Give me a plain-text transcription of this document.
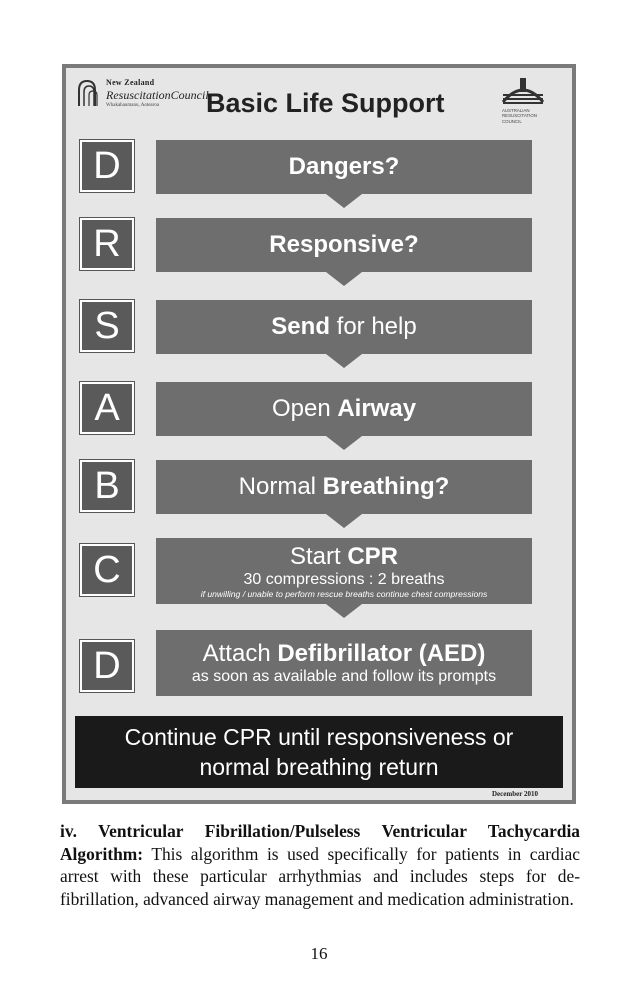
New Zealand
ResuscitationCouncil
Whakahaumanu, Aotearoa Basic Life Support	AUSTRALIAN
RESUSCITATION
COUNCIL
D	Dangers?
R	Responsive?
S	Send for help
A	Open Airway
B	Normal Breathing?
C	Start CPR
30 compressions : 2 breaths
if unwilling / unable to perform rescue breaths continue chest compressions
D	Attach Defibrillator (AED)
as soon as available and follow its prompts
Continue CPR until responsiveness or
normal breathing return
December 2010
iv. Ventricular Fibrillation/Pulseless Ventricular Tachycardia Algorithm: This algorithm is used specifically for patients in cardiac arrest with these particular arrhythmias and includes steps for de-fibrillation, advanced airway management and medication administration.
16
